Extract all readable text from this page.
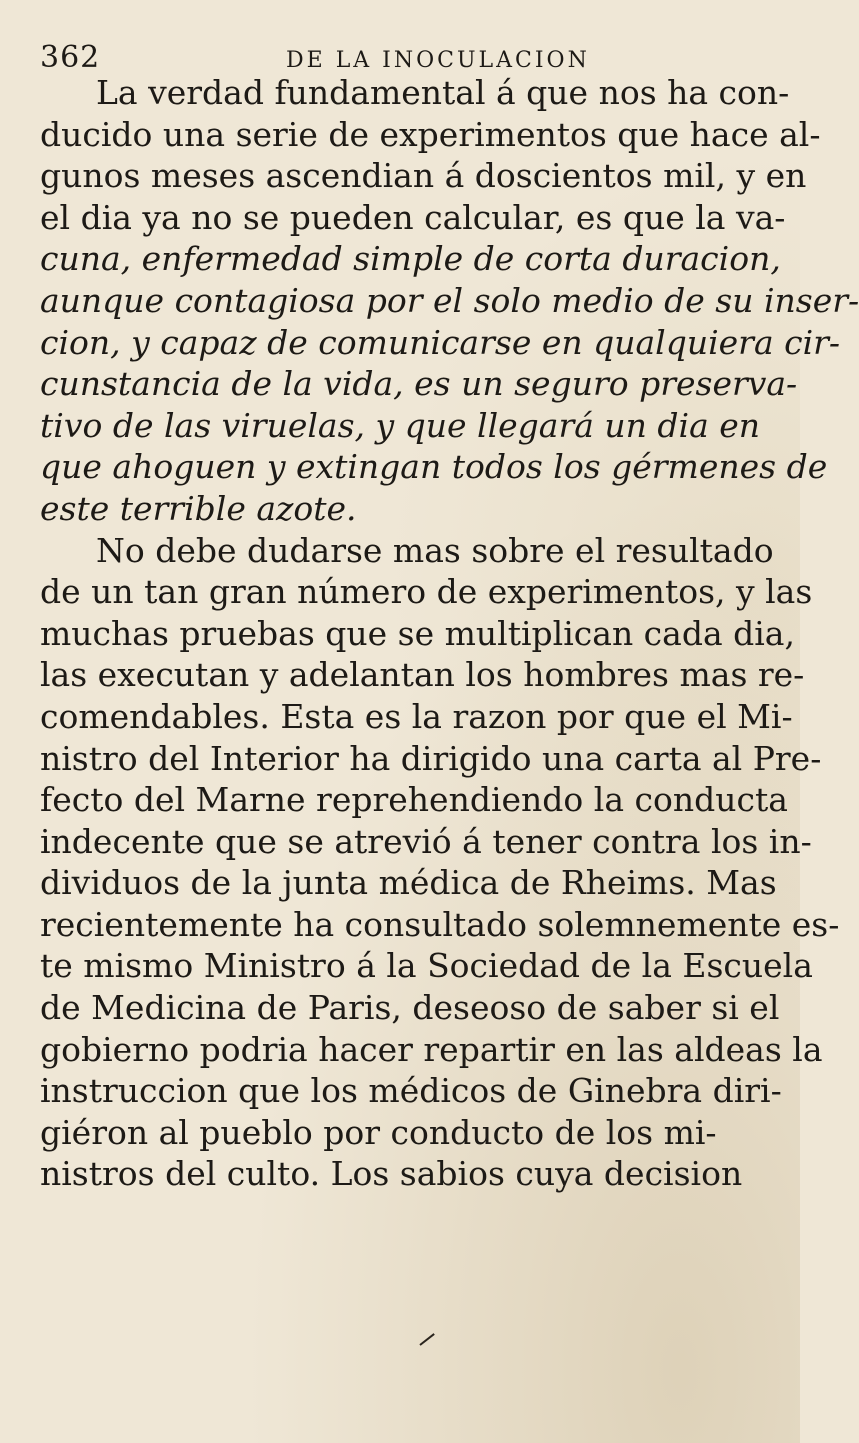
362	DE LA INOCULACION
La verdad fundamental á que nos ha con-
ducido una serie de experimentos que hace al-
gunos meses ascendian á doscientos mil, y en
el dia ya no se pueden calcular, es que la va-
cuna, enfermedad simple de corta duracion,
aunque contagiosa por el solo medio de su inser-
cion, y capaz de comunicarse en qualquiera cir-
cunstancia de la vida, es un seguro preserva-
tivo de las viruelas, y que llegará un dia en
que ahoguen y extingan todos los gérmenes de
este terrible azote.
No debe dudarse mas sobre el resultado
de un tan gran número de experimentos, y las
muchas pruebas que se multiplican cada dia,
las executan y adelantan los hombres mas re-
comendables. Esta es la razon por que el Mi-
nistro del Interior ha dirigido una carta al Pre-
fecto del Marne reprehendiendo la conducta
indecente que se atrevió á tener contra los in-
dividuos de la junta médica de Rheims. Mas
recientemente ha consultado solemnemente es-
te mismo Ministro á la Sociedad de la Escuela
de Medicina de Paris, deseoso de saber si el
gobierno podria hacer repartir en las aldeas la
instruccion que los médicos de Ginebra diri-
giéron al pueblo por conducto de los mi-
nistros del culto. Los sabios cuya decision
